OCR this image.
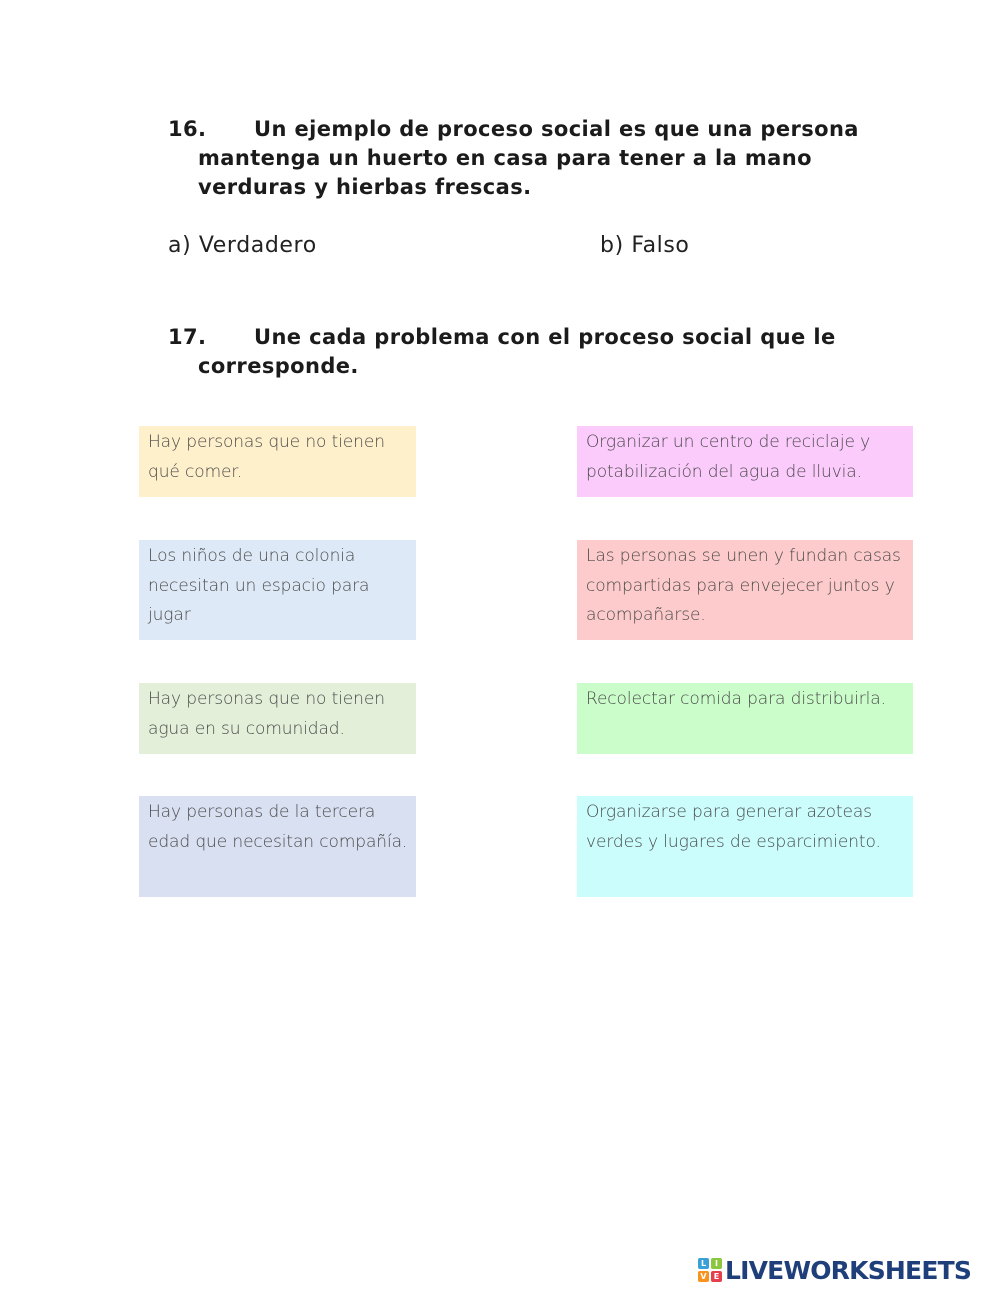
16. Un ejemplo de proceso social es que una persona
mantenga un huerto en casa para tener a la mano
verduras y hierbas frescas.
a) Verdadero	b) Falso
17. Une cada problema con el proceso social que le
corresponde.
Hay personas que no tienen qué comer.
Los niños de una colonia necesitan un espacio para jugar
Hay personas que no tienen agua en su comunidad.
Hay personas de la tercera edad que necesitan compañía.
Organizar un centro de reciclaje y potabilización del agua de lluvia.
Las personas se unen y fundan casas compartidas para envejecer juntos y acompañarse.
Recolectar comida para distribuirla.
Organizarse para generar azoteas verdes y lugares de esparcimiento.
L	I
V E LIVEWORKSHEETS
